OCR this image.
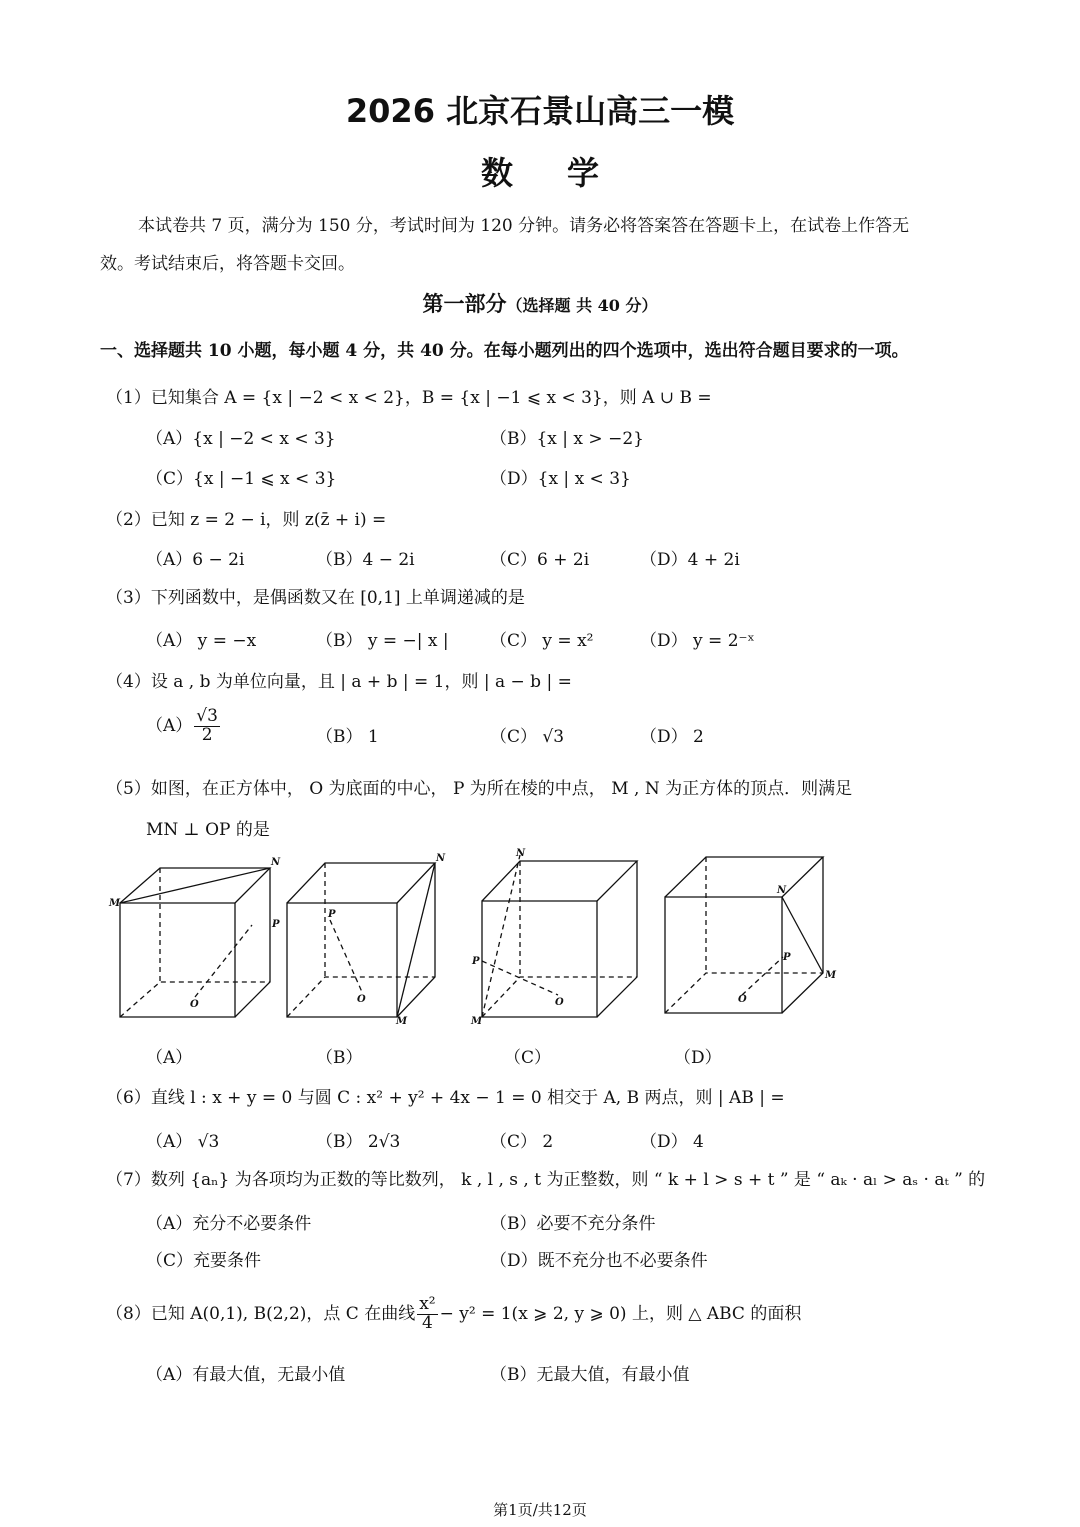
2026 北京石景山高三一模
数学
本试卷共 7 页，满分为 150 分，考试时间为 120 分钟。请务必将答案答在答题卡上，在试卷上作答无
效。考试结束后，将答题卡交回。
第一部分（选择题 共 40 分）
一、选择题共 10 小题，每小题 4 分，共 40 分。在每小题列出的四个选项中，选出符合题目要求的一项。
（1）已知集合 A = {x | −2 < x < 2}，B = {x | −1 ⩽ x < 3}，则 A ∪ B =
（A）{x | −2 < x < 3}	（B）{x | x > −2}
（C）{x | −1 ⩽ x < 3}	（D）{x | x < 3}
（2）已知 z = 2 − i，则 z(z̄ + i) =
（A）6 − 2i	（B）4 − 2i	（C）6 + 2i	（D）4 + 2i
（3）下列函数中，是偶函数又在 [0,1] 上单调递减的是
（A） y = −x	（B） y = −| x | （C） y = x²	（D） y = 2⁻ˣ
（4）设 a , b 为单位向量，且 | a + b | = 1，则 | a − b | =
$(A) \frac{√3}{2}$	（B） 1	（C） √3	（D） 2
（5）如图，在正方体中， O 为底面的中心， P 为所在棱的中点， M , N 为正方体的顶点．则满足
MN ⊥ OP 的是
M
N
P
O
N
M
P
O
N
P
M
O
N
P
M
O
（A）	（B）	（C）	（D）
（6）直线 l : x + y = 0 与圆 C : x² + y² + 4x − 1 = 0 相交于 A, B 两点，则 | AB | =
（A） √3	（B） 2√3	（C） 2	（D） 4
（7）数列 {aₙ} 为各项均为正数的等比数列， k , l , s , t 为正整数，则 “ k + l > s + t ” 是 “ aₖ · aₗ > aₛ · aₜ ” 的
（A）充分不必要条件	（B）必要不充分条件
（C）充要条件	（D）既不充分也不必要条件
（8）已知 A(0,1), B(2,2)，点 C 在曲线 $\frac{\text{x²}}{4} - y^2 = 1(x$ ⩾ 2, y ⩾ 0) 上，则 △ ABC 的面积
（A）有最大值，无最小值	（B）无最大值，有最小值
第1页/共12页
